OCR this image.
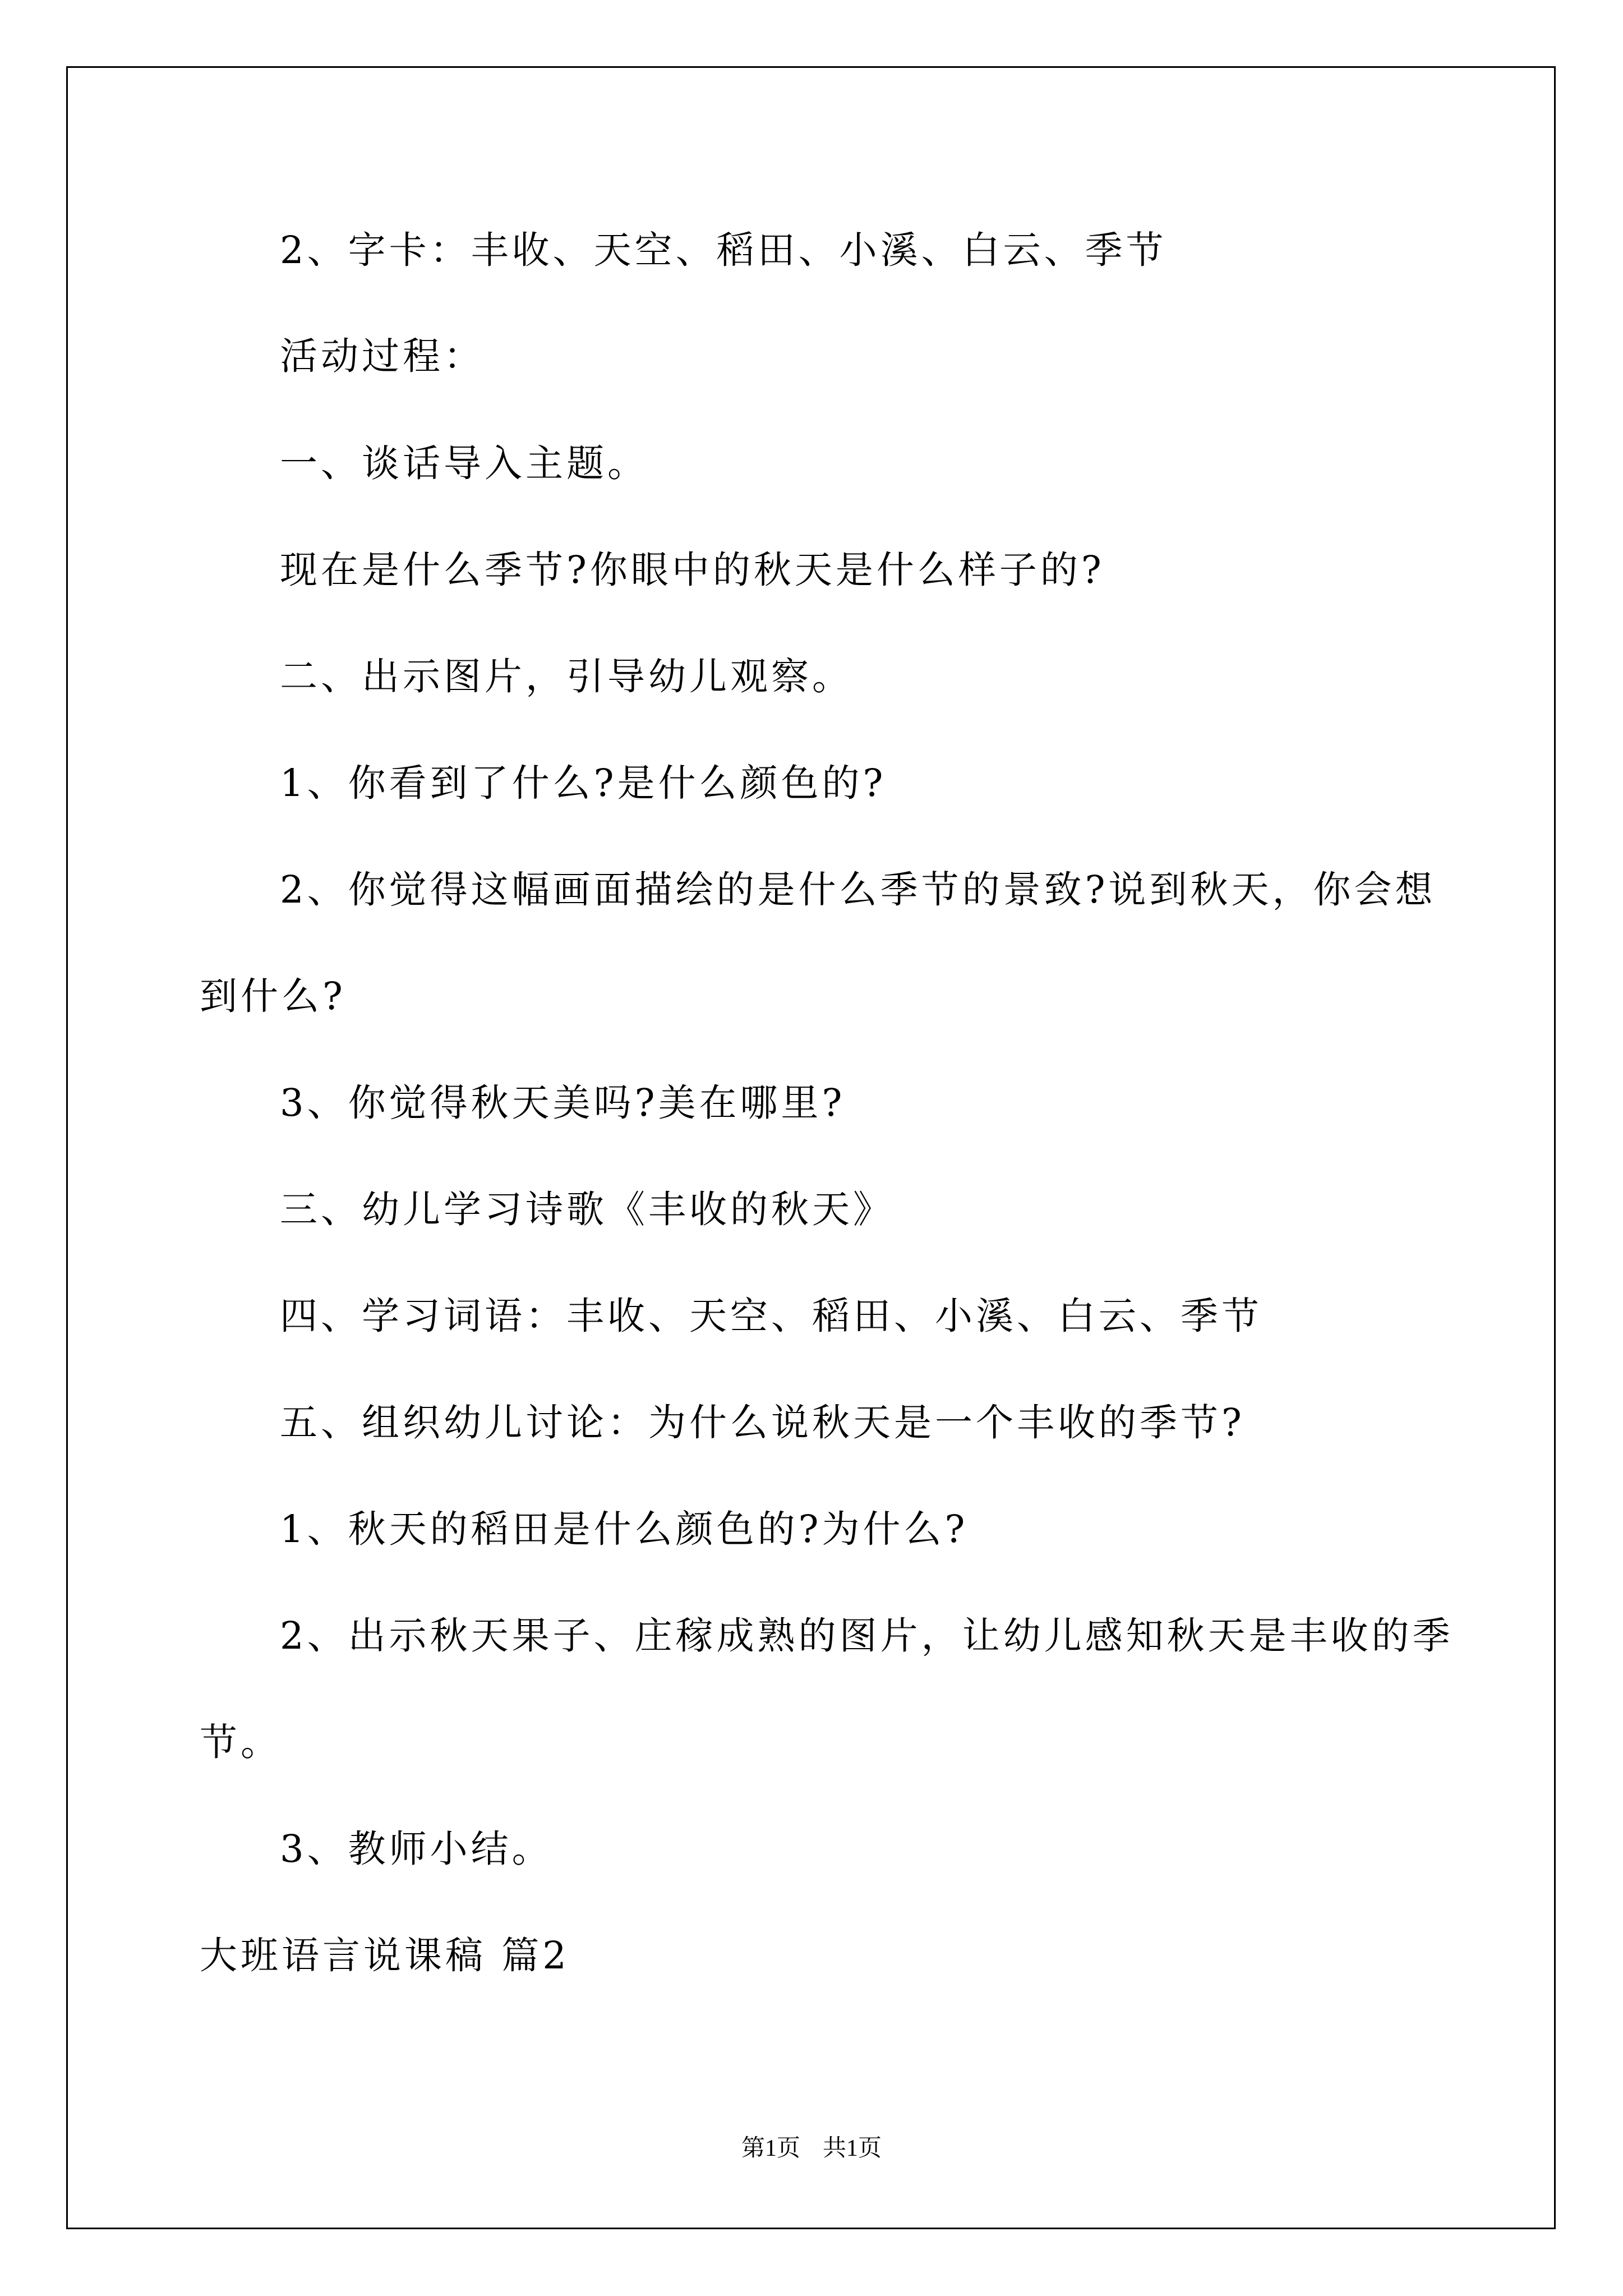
2、字卡：丰收、天空、稻田、小溪、白云、季节
活动过程：
一、谈话导入主题。
现在是什么季节?你眼中的秋天是什么样子的?
二、出示图片，引导幼儿观察。
1、你看到了什么?是什么颜色的?
2、你觉得这幅画面描绘的是什么季节的景致?说到秋天，你会想
到什么?
3、你觉得秋天美吗?美在哪里?
三、幼儿学习诗歌《丰收的秋天》
四、学习词语：丰收、天空、稻田、小溪、白云、季节
五、组织幼儿讨论：为什么说秋天是一个丰收的季节?
1、秋天的稻田是什么颜色的?为什么?
2、出示秋天果子、庄稼成熟的图片，让幼儿感知秋天是丰收的季
节。
3、教师小结。
大班语言说课稿 篇2
第1页 共1页
